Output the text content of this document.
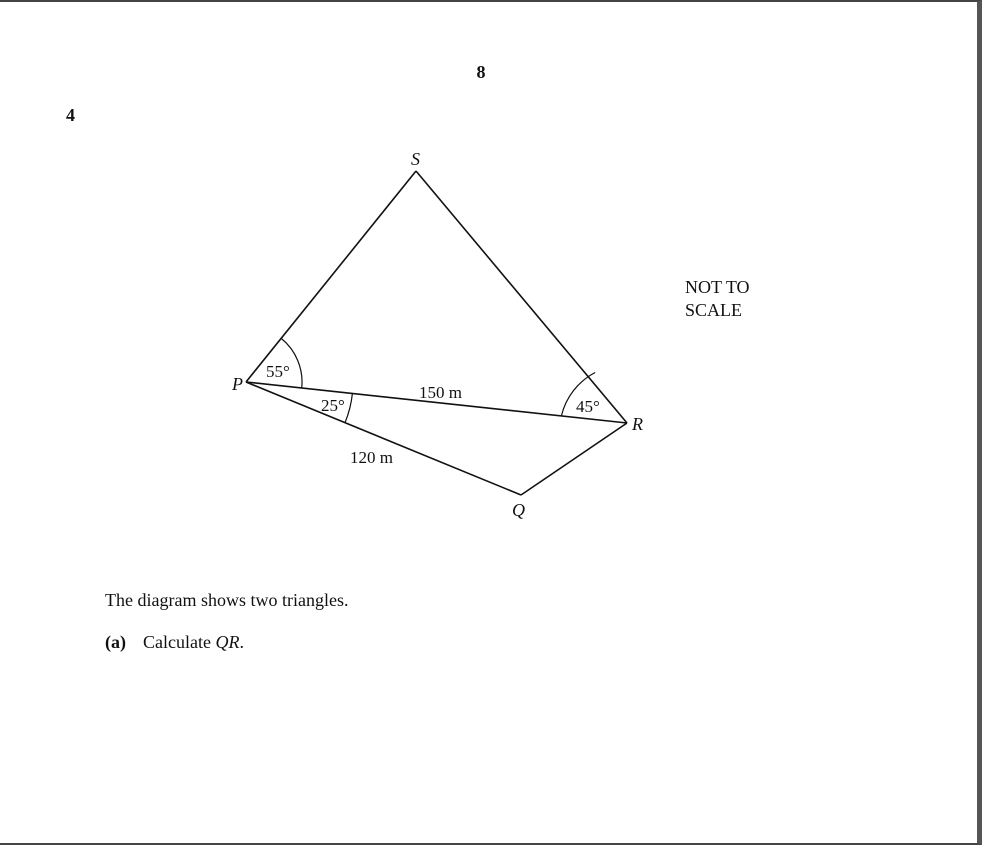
8
4
S
P
R
Q
55°
25°	45°
150 m
120 m
NOT TO
SCALE
The diagram shows two triangles.
(a) Calculate QR.
